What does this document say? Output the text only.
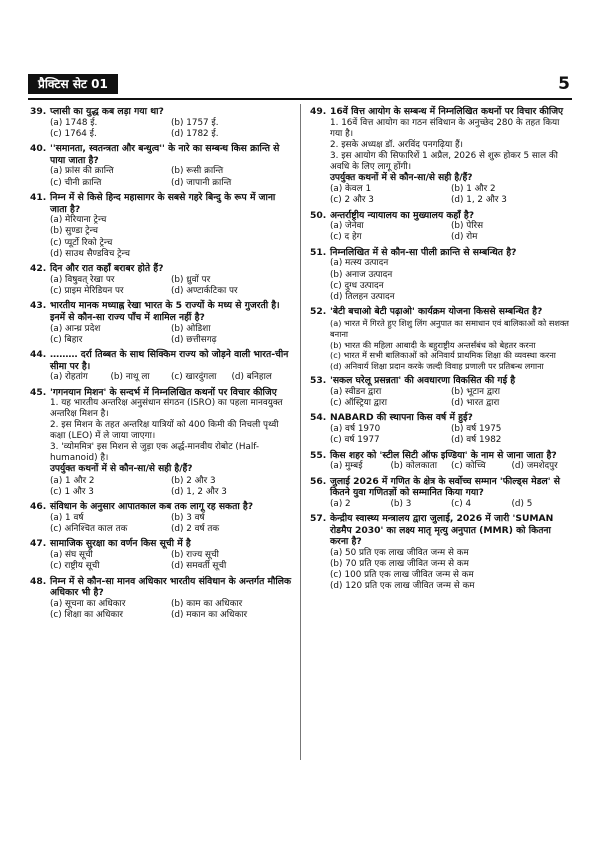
प्रैक्टिस सेट 01	5
39. प्लासी का युद्ध कब लड़ा गया था?
(a) 1748 ई.	(b) 1757 ई.
(c) 1764 ई.	(d) 1782 ई.
40. ''समानता, स्वतन्त्रता और बन्धुत्व'' के नारे का सम्बन्ध किस क्रान्ति से पाया जाता है?
(a) फ्रांस की क्रान्ति	(b) रूसी क्रान्ति
(c) चीनी क्रान्ति	(d) जापानी क्रान्ति
41. निम्न में से किसे हिन्द महासागर के सबसे गहरे बिन्दु के रूप में जाना जाता है?
(a) मेरियाना ट्रेन्च
(b) सुण्डा ट्रेन्च
(c) प्यूर्टो रिको ट्रेन्च
(d) साउथ सैण्डविच ट्रेन्च
42. दिन और रात कहाँ बराबर होते हैं?
(a) विषुवत् रेखा पर	(b) ध्रुवों पर
(c) प्राइम मेरिडियन पर	(d) अण्टार्कटिका पर
43. भारतीय मानक मध्याह्न रेखा भारत के 5 राज्यों के मध्य से गुजरती है। इनमें से कौन-सा राज्य पाँच में शामिल नहीं है?
(a) आन्ध्र प्रदेश	(b) ओडिशा
(c) बिहार	(d) छत्तीसगढ़
44. ……… दर्रा तिब्बत के साथ सिक्किम राज्य को जोड़ने वाली भारत-चीन सीमा पर है।
(a) रोहतांग	(b) नाथू ला	(c) खारदुंगला	(d) बनिहाल
45. 'गगनयान मिशन' के सन्दर्भ में निम्नलिखित कथनों पर विचार कीजिए
1. यह भारतीय अन्तरिक्ष अनुसंधान संगठन (ISRO) का पहला मानवयुक्त अन्तरिक्ष मिशन है।
2. इस मिशन के तहत अन्तरिक्ष यात्रियों को 400 किमी की निचली पृथ्वी कक्षा (LEO) में ले जाया जाएगा।
3. 'व्योममित्र' इस मिशन से जुड़ा एक अर्द्ध-मानवीय रोबोट (Half-humanoid) है।
उपर्युक्त कथनों में से कौन-सा/से सही है/हैं?
(a) 1 और 2	(b) 2 और 3
(c) 1 और 3	(d) 1, 2 और 3
46. संविधान के अनुसार आपातकाल कब तक लागू रह सकता है?
(a) 1 वर्ष	(b) 3 वर्ष
(c) अनिश्चित काल तक	(d) 2 वर्ष तक
47. सामाजिक सुरक्षा का वर्णन किस सूची में है
(a) संघ सूची	(b) राज्य सूची
(c) राष्ट्रीय सूची	(d) समवर्ती सूची
48. निम्न में से कौन-सा मानव अधिकार भारतीय संविधान के अन्तर्गत मौलिक अधिकार भी है?
(a) सूचना का अधिकार	(b) काम का अधिकार
(c) शिक्षा का अधिकार	(d) मकान का अधिकार
49. 16वें वित्त आयोग के सम्बन्ध में निम्नलिखित कथनों पर विचार कीजिए
1. 16वें वित्त आयोग का गठन संविधान के अनुच्छेद 280 के तहत किया गया है।
2. इसके अध्यक्ष डॉ. अरविंद पनगढ़िया हैं।
3. इस आयोग की सिफारिशें 1 अप्रैल, 2026 से शुरू होकर 5 साल की अवधि के लिए लागू होंगी।
उपर्युक्त कथनों में से कौन-सा/से सही है/हैं?
(a) केवल 1	(b) 1 और 2
(c) 2 और 3	(d) 1, 2 और 3
50. अन्तर्राष्ट्रीय न्यायालय का मुख्यालय कहाँ है?
(a) जेनेवा	(b) पेरिस
(c) द हेग	(d) रोम
51. निम्नलिखित में से कौन-सा पीली क्रान्ति से सम्बन्धित है?
(a) मत्स्य उत्पादन
(b) अनाज उत्पादन
(c) दुग्ध उत्पादन
(d) तिलहन उत्पादन
52. 'बेटी बचाओ बेटी पढ़ाओ' कार्यक्रम योजना किससे सम्बन्धित है?
(a) भारत में गिरते हुए शिशु लिंग अनुपात का समाधान एवं बालिकाओं को सशक्त बनाना
(b) भारत की महिला आबादी के बहुराष्ट्रीय अन्तर्संबंध को बेहतर करना
(c) भारत में सभी बालिकाओं को अनिवार्य प्राथमिक शिक्षा की व्यवस्था करना
(d) अनिवार्य शिक्षा प्रदान करके जल्दी विवाह प्रणाली पर प्रतिबन्ध लगाना
53. 'सकल घरेलू प्रसन्नता' की अवधारणा विकसित की गई है
(a) स्वीडन द्वारा	(b) भूटान द्वारा
(c) ऑस्ट्रिया द्वारा	(d) भारत द्वारा
54. NABARD की स्थापना किस वर्ष में हुई?
(a) वर्ष 1970	(b) वर्ष 1975
(c) वर्ष 1977	(d) वर्ष 1982
55. किस शहर को 'स्टील सिटी ऑफ इण्डिया' के नाम से जाना जाता है?
(a) मुम्बई	(b) कोलकाता	(c) कोच्चि	(d) जमशेदपुर
56. जुलाई 2026 में गणित के क्षेत्र के सर्वोच्च सम्मान 'फील्ड्स मेडल' से कितने युवा गणितज्ञों को सम्मानित किया गया?
(a) 2	(b) 3	(c) 4	(d) 5
57. केन्द्रीय स्वास्थ्य मन्त्रालय द्वारा जुलाई, 2026 में जारी 'SUMAN रोडमैप 2030' का लक्ष्य मातृ मृत्यु अनुपात (MMR) को कितना करना है?
(a) 50 प्रति एक लाख जीवित जन्म से कम
(b) 70 प्रति एक लाख जीवित जन्म से कम
(c) 100 प्रति एक लाख जीवित जन्म से कम
(d) 120 प्रति एक लाख जीवित जन्म से कम
